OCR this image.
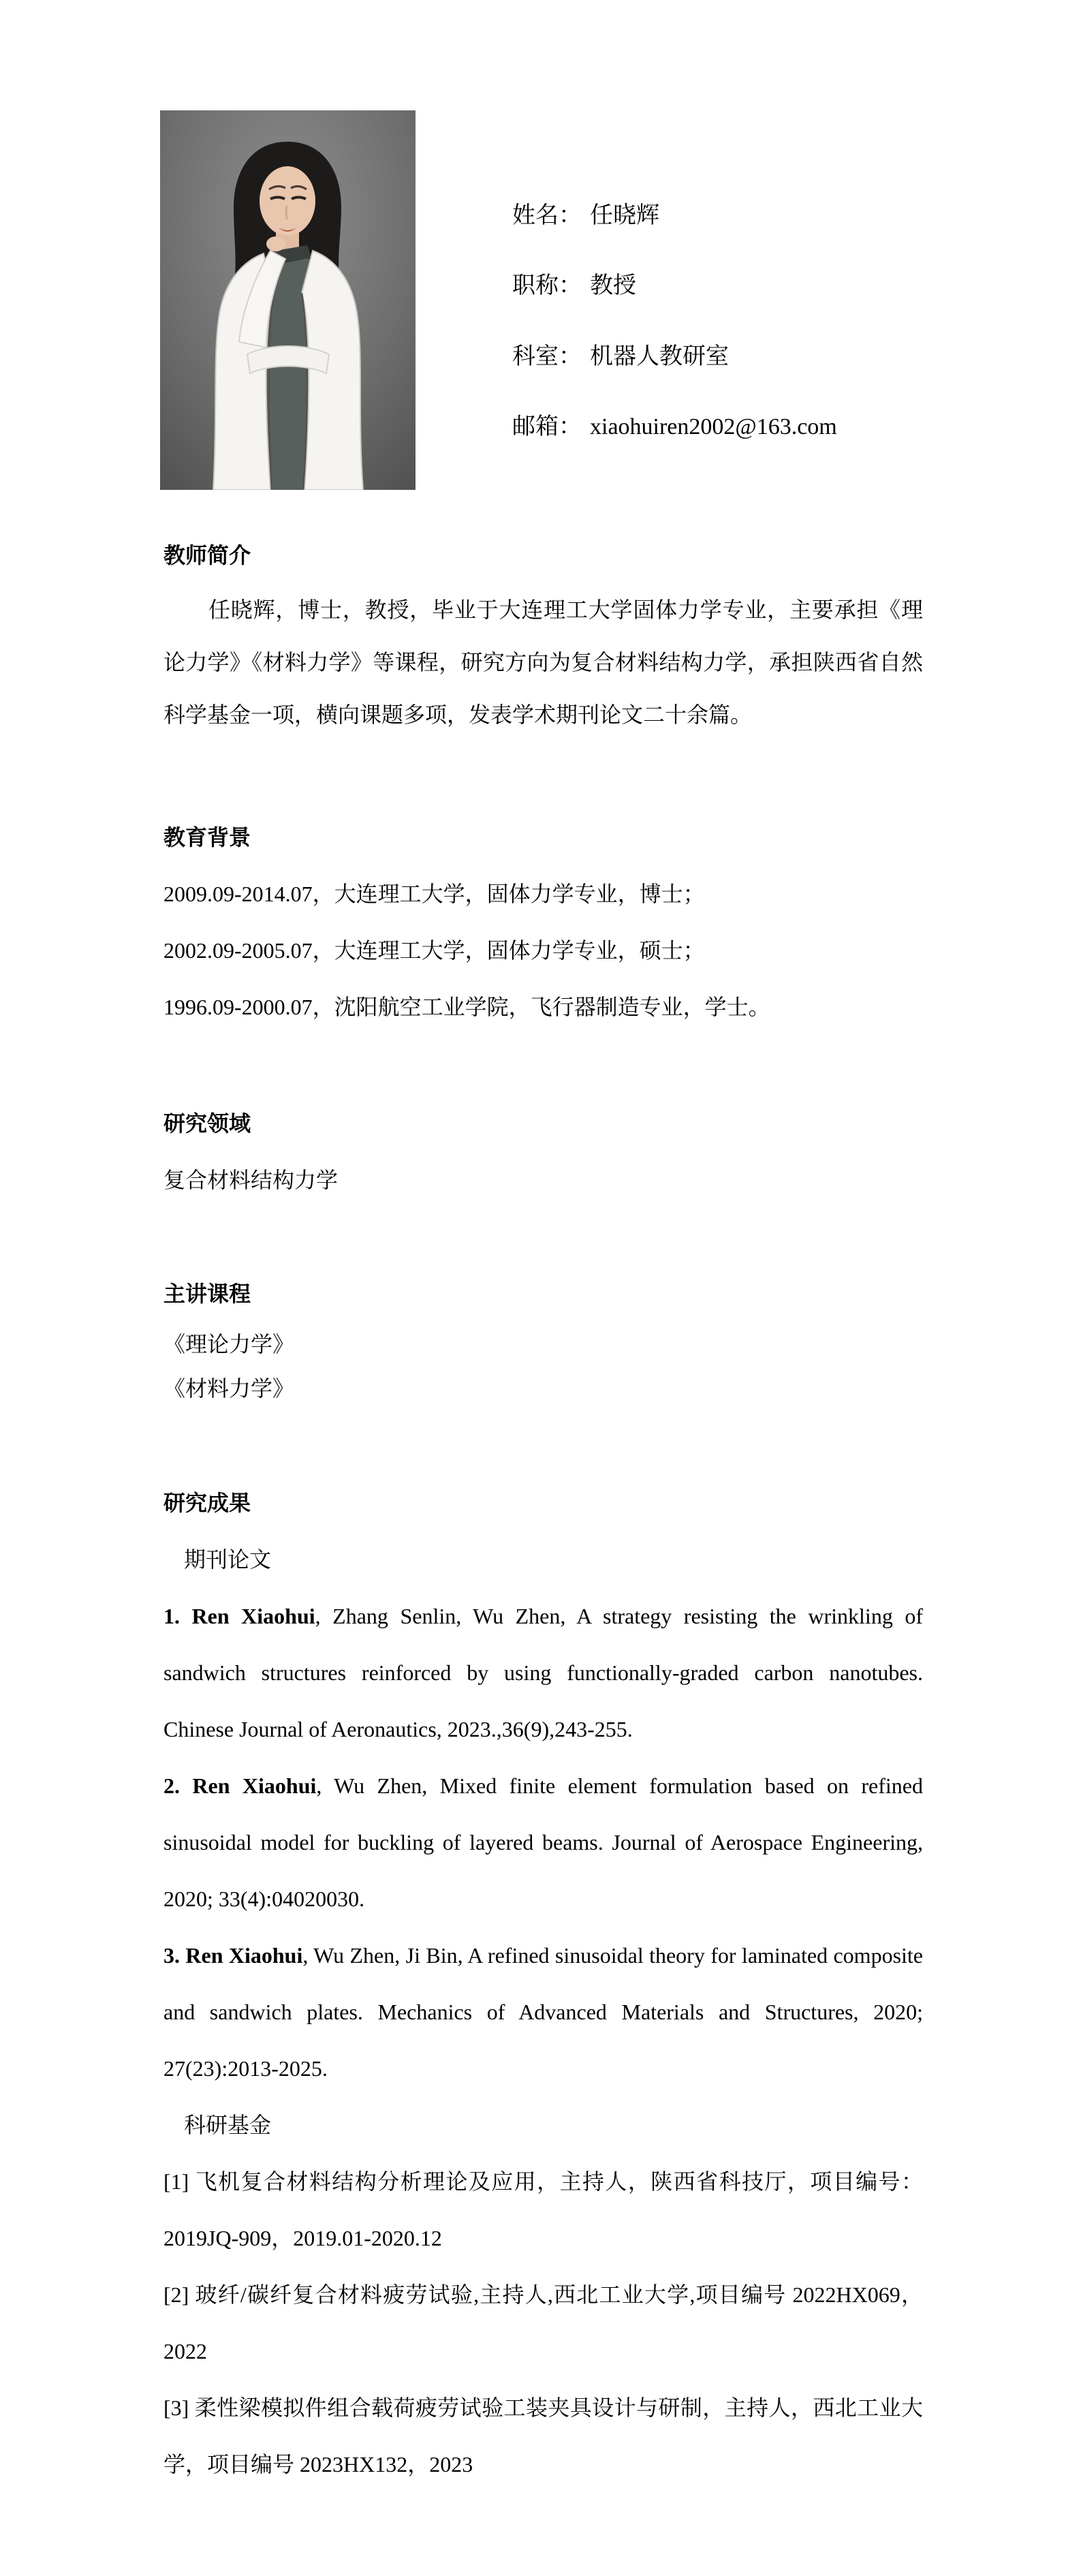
姓名： 任晓辉
职称： 教授
科室： 机器人教研室
邮箱： xiaohuiren2002@163.com
教师简介

任晓辉，博士，教授，毕业于大连理工大学固体力学专业，主要承担《理论力学》《材料力学》等课程，研究方向为复合材料结构力学，承担陕西省自然科学基金一项，横向课题多项，发表学术期刊论文二十余篇。

教育背景

2009.09-2014.07，大连理工大学，固体力学专业，博士；

2002.09-2005.07，大连理工大学，固体力学专业，硕士；

1996.09-2000.07，沈阳航空工业学院，飞行器制造专业，学士。

研究领域

复合材料结构力学

主讲课程

《理论力学》

《材料力学》

研究成果

期刊论文

1. Ren Xiaohui, Zhang Senlin, Wu Zhen, A strategy resisting the wrinkling of sandwich structures reinforced by using functionally-graded carbon nanotubes. Chinese Journal of Aeronautics, 2023.,36(9),243-255.

2. Ren Xiaohui, Wu Zhen, Mixed finite element formulation based on refined sinusoidal model for buckling of layered beams. Journal of Aerospace Engineering, 2020; 33(4):04020030.

3. Ren Xiaohui, Wu Zhen, Ji Bin, A refined sinusoidal theory for laminated composite and sandwich plates. Mechanics of Advanced Materials and Structures, 2020; 27(23):2013-2025.

科研基金

[1] 飞机复合材料结构分析理论及应用，主持人，陕西省科技厅，项目编号：2019JQ-909，2019.01-2020.12

[2] 玻纤/碳纤复合材料疲劳试验,主持人,西北工业大学,项目编号 2022HX069，2022

[3] 柔性梁模拟件组合载荷疲劳试验工装夹具设计与研制，主持人，西北工业大学，项目编号 2023HX132，2023
